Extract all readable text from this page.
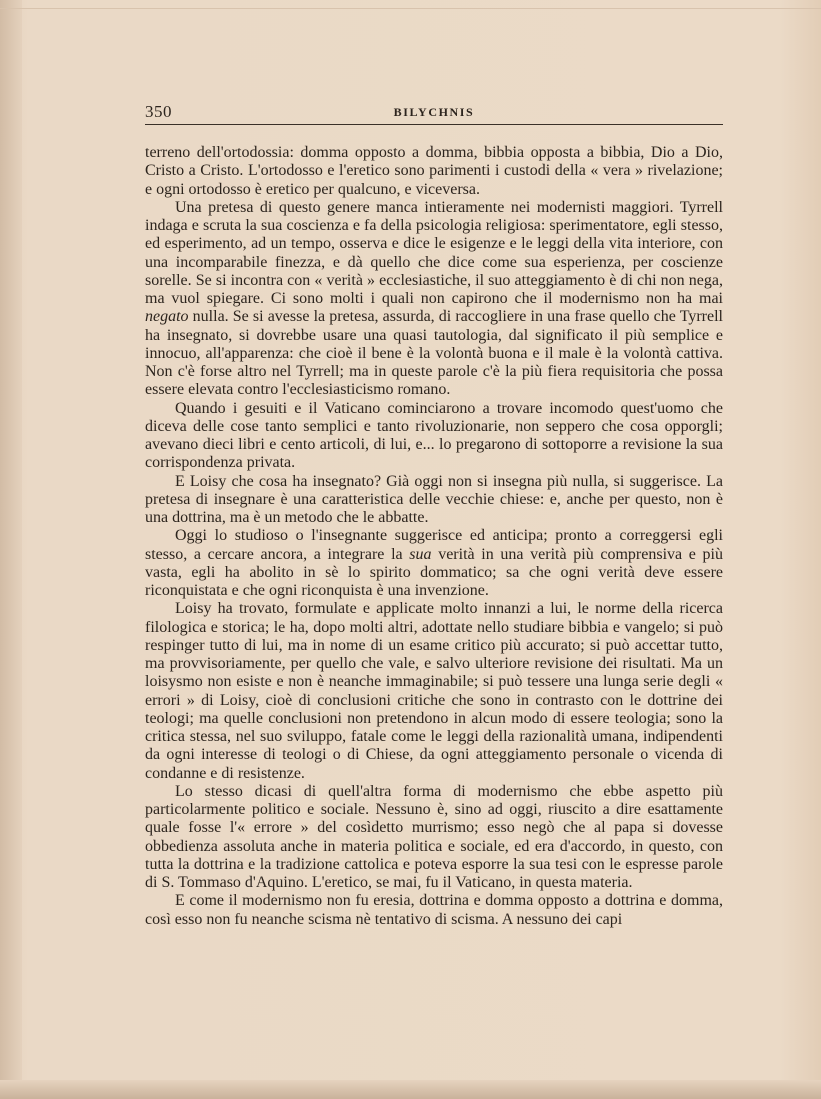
350	BILYCHNIS

terreno dell'ortodossia: domma opposto a domma, bibbia opposta a bibbia, Dio a Dio, Cristo a Cristo. L'ortodosso e l'eretico sono parimenti i custodi della « vera » rivelazione; e ogni ortodosso è eretico per qualcuno, e viceversa.

Una pretesa di questo genere manca intieramente nei modernisti maggiori. Tyrrell indaga e scruta la sua coscienza e fa della psicologia religiosa: sperimentatore, egli stesso, ed esperimento, ad un tempo, osserva e dice le esigenze e le leggi della vita interiore, con una incomparabile finezza, e dà quello che dice come sua esperienza, per coscienze sorelle. Se si incontra con « verità » ecclesiastiche, il suo atteggiamento è di chi non nega, ma vuol spiegare. Ci sono molti i quali non capirono che il modernismo non ha mai negato nulla. Se si avesse la pretesa, assurda, di raccogliere in una frase quello che Tyrrell ha insegnato, si dovrebbe usare una quasi tautologia, dal significato il più semplice e innocuo, all'apparenza: che cioè il bene è la volontà buona e il male è la volontà cattiva. Non c'è forse altro nel Tyrrell; ma in queste parole c'è la più fiera requisitoria che possa essere elevata contro l'ecclesiasticismo romano.

Quando i gesuiti e il Vaticano cominciarono a trovare incomodo quest'uomo che diceva delle cose tanto semplici e tanto rivoluzionarie, non seppero che cosa opporgli; avevano dieci libri e cento articoli, di lui, e... lo pregarono di sottoporre a revisione la sua corrispondenza privata.

E Loisy che cosa ha insegnato? Già oggi non si insegna più nulla, si suggerisce. La pretesa di insegnare è una caratteristica delle vecchie chiese: e, anche per questo, non è una dottrina, ma è un metodo che le abbatte.

Oggi lo studioso o l'insegnante suggerisce ed anticipa; pronto a correggersi egli stesso, a cercare ancora, a integrare la sua verità in una verità più comprensiva e più vasta, egli ha abolito in sè lo spirito dommatico; sa che ogni verità deve essere riconquistata e che ogni riconquista è una invenzione.

Loisy ha trovato, formulate e applicate molto innanzi a lui, le norme della ricerca filologica e storica; le ha, dopo molti altri, adottate nello studiare bibbia e vangelo; si può respinger tutto di lui, ma in nome di un esame critico più accurato; si può accettar tutto, ma provvisoriamente, per quello che vale, e salvo ulteriore revisione dei risultati. Ma un loisysmo non esiste e non è neanche immaginabile; si può tessere una lunga serie degli « errori » di Loisy, cioè di conclusioni critiche che sono in contrasto con le dottrine dei teologi; ma quelle conclusioni non pretendono in alcun modo di essere teologia; sono la critica stessa, nel suo sviluppo, fatale come le leggi della razionalità umana, indipendenti da ogni interesse di teologi o di Chiese, da ogni atteggiamento personale o vicenda di condanne e di resistenze.

Lo stesso dicasi di quell'altra forma di modernismo che ebbe aspetto più particolarmente politico e sociale. Nessuno è, sino ad oggi, riuscito a dire esattamente quale fosse l'« errore » del cosìdetto murrismo; esso negò che al papa si dovesse obbedienza assoluta anche in materia politica e sociale, ed era d'accordo, in questo, con tutta la dottrina e la tradizione cattolica e poteva esporre la sua tesi con le espresse parole di S. Tommaso d'Aquino. L'eretico, se mai, fu il Vaticano, in questa materia.

E come il modernismo non fu eresia, dottrina e domma opposto a dottrina e domma, così esso non fu neanche scisma nè tentativo di scisma. A nessuno dei capi
